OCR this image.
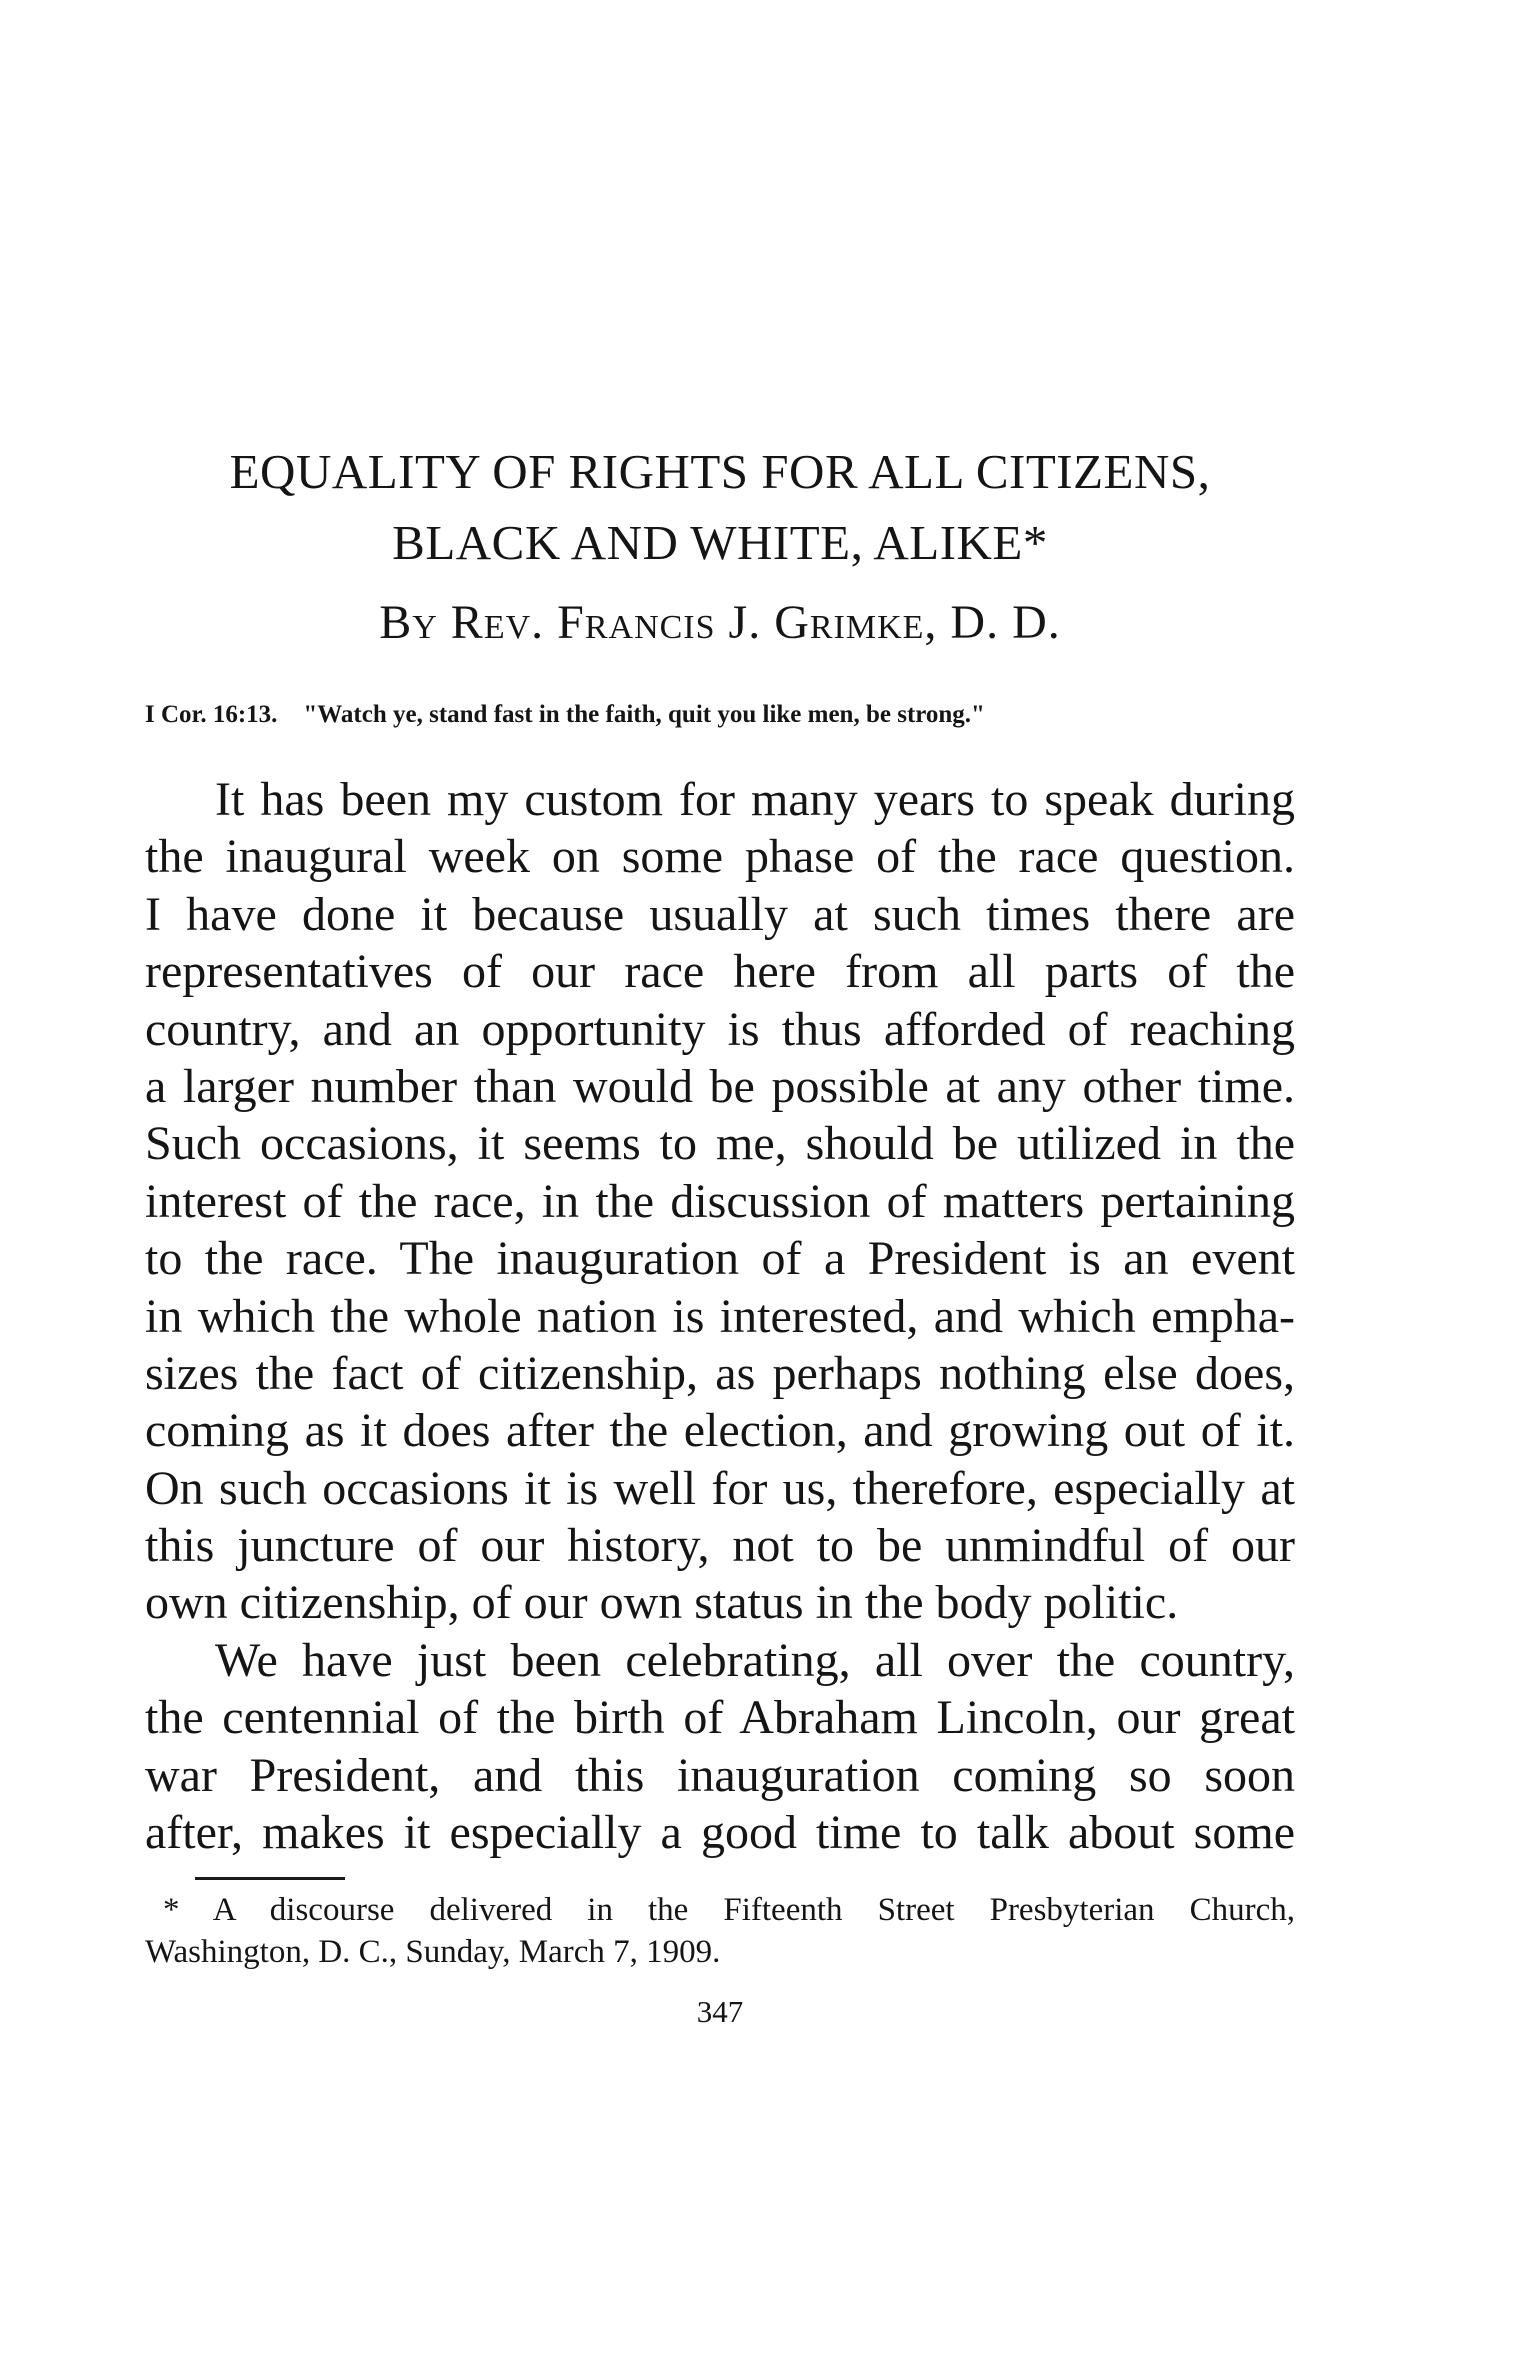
EQUALITY OF RIGHTS FOR ALL CITIZENS,
BLACK AND WHITE, ALIKE*
By Rev. Francis J. Grimke, D. D.
I Cor. 16:13. "Watch ye, stand fast in the faith, quit you like men, be strong."
It has been my custom for many years to speak during
the inaugural week on some phase of the race question.
I have done it because usually at such times there are
representatives of our race here from all parts of the
country, and an opportunity is thus afforded of reaching
a larger number than would be possible at any other time.
Such occasions, it seems to me, should be utilized in the
interest of the race, in the discussion of matters pertaining
to the race. The inauguration of a President is an event
in which the whole nation is interested, and which empha-
sizes the fact of citizenship, as perhaps nothing else does,
coming as it does after the election, and growing out of it.
On such occasions it is well for us, therefore, especially at
this juncture of our history, not to be unmindful of our
own citizenship, of our own status in the body politic.
We have just been celebrating, all over the country,
the centennial of the birth of Abraham Lincoln, our great
war President, and this inauguration coming so soon
after, makes it especially a good time to talk about some
* A discourse delivered in the Fifteenth Street Presbyterian Church,
Washington, D. C., Sunday, March 7, 1909.
347
